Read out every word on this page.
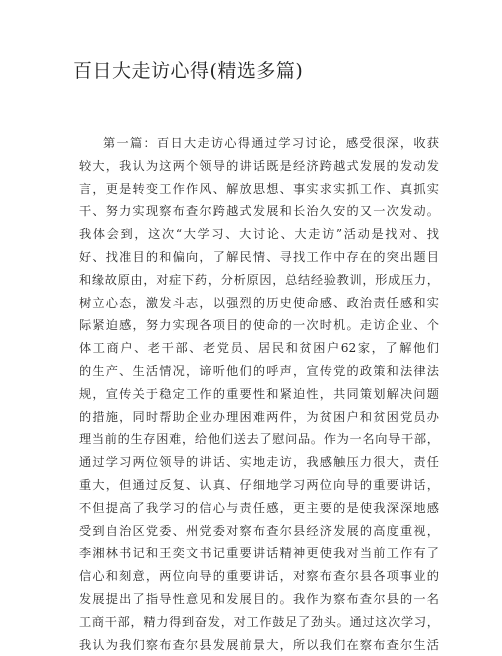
百日大走访心得(精选多篇)
第一篇：百日大走访心得通过学习讨论，感受很深，收获
较大，我认为这两个领导的讲话既是经济跨越式发展的发动发
言，更是转变工作作风、解放思想、事实求实抓工作、真抓实
干、努力实现察布查尔跨越式发展和长治久安的又一次发动。
我体会到，这次“大学习、大讨论、大走访”活动是找对、找
好、找准目的和偏向，了解民情、寻找工作中存在的突出题目
和缘故原由，对症下药，分析原因，总结经验教训，形成压力，
树立心态，激发斗志，以强烈的历史使命感、政治责任感和实
际紧迫感，努力实现各项目的使命的一次时机。走访企业、个
体工商户、老干部、老党员、居民和贫困户62家，了解他们
的生产、生活情况，谛听他们的呼声，宣传党的政策和法律法
规，宣传关于稳定工作的重要性和紧迫性，共同策划解决问题
的措施，同时帮助企业办理困难两件，为贫困户和贫困党员办
理当前的生存困难，给他们送去了慰问品。作为一名向导干部，
通过学习两位领导的讲话、实地走访，我感触压力很大，责任
重大，但通过反复、认真、仔细地学习两位向导的重要讲话，
不但提高了我学习的信心与责任感，更主要的是使我深深地感
受到自治区党委、州党委对察布查尔县经济发展的高度重视，
李湘林书记和王奕文书记重要讲话精神更使我对当前工作有了
信心和刻意，两位向导的重要讲话，对察布查尔县各项事业的
发展提出了指导性意见和发展目的。我作为察布查尔县的一名
工商干部，精力得到奋发，对工作鼓足了劲头。通过这次学习，
我认为我们察布查尔县发展前景大，所以我们在察布查尔生活
